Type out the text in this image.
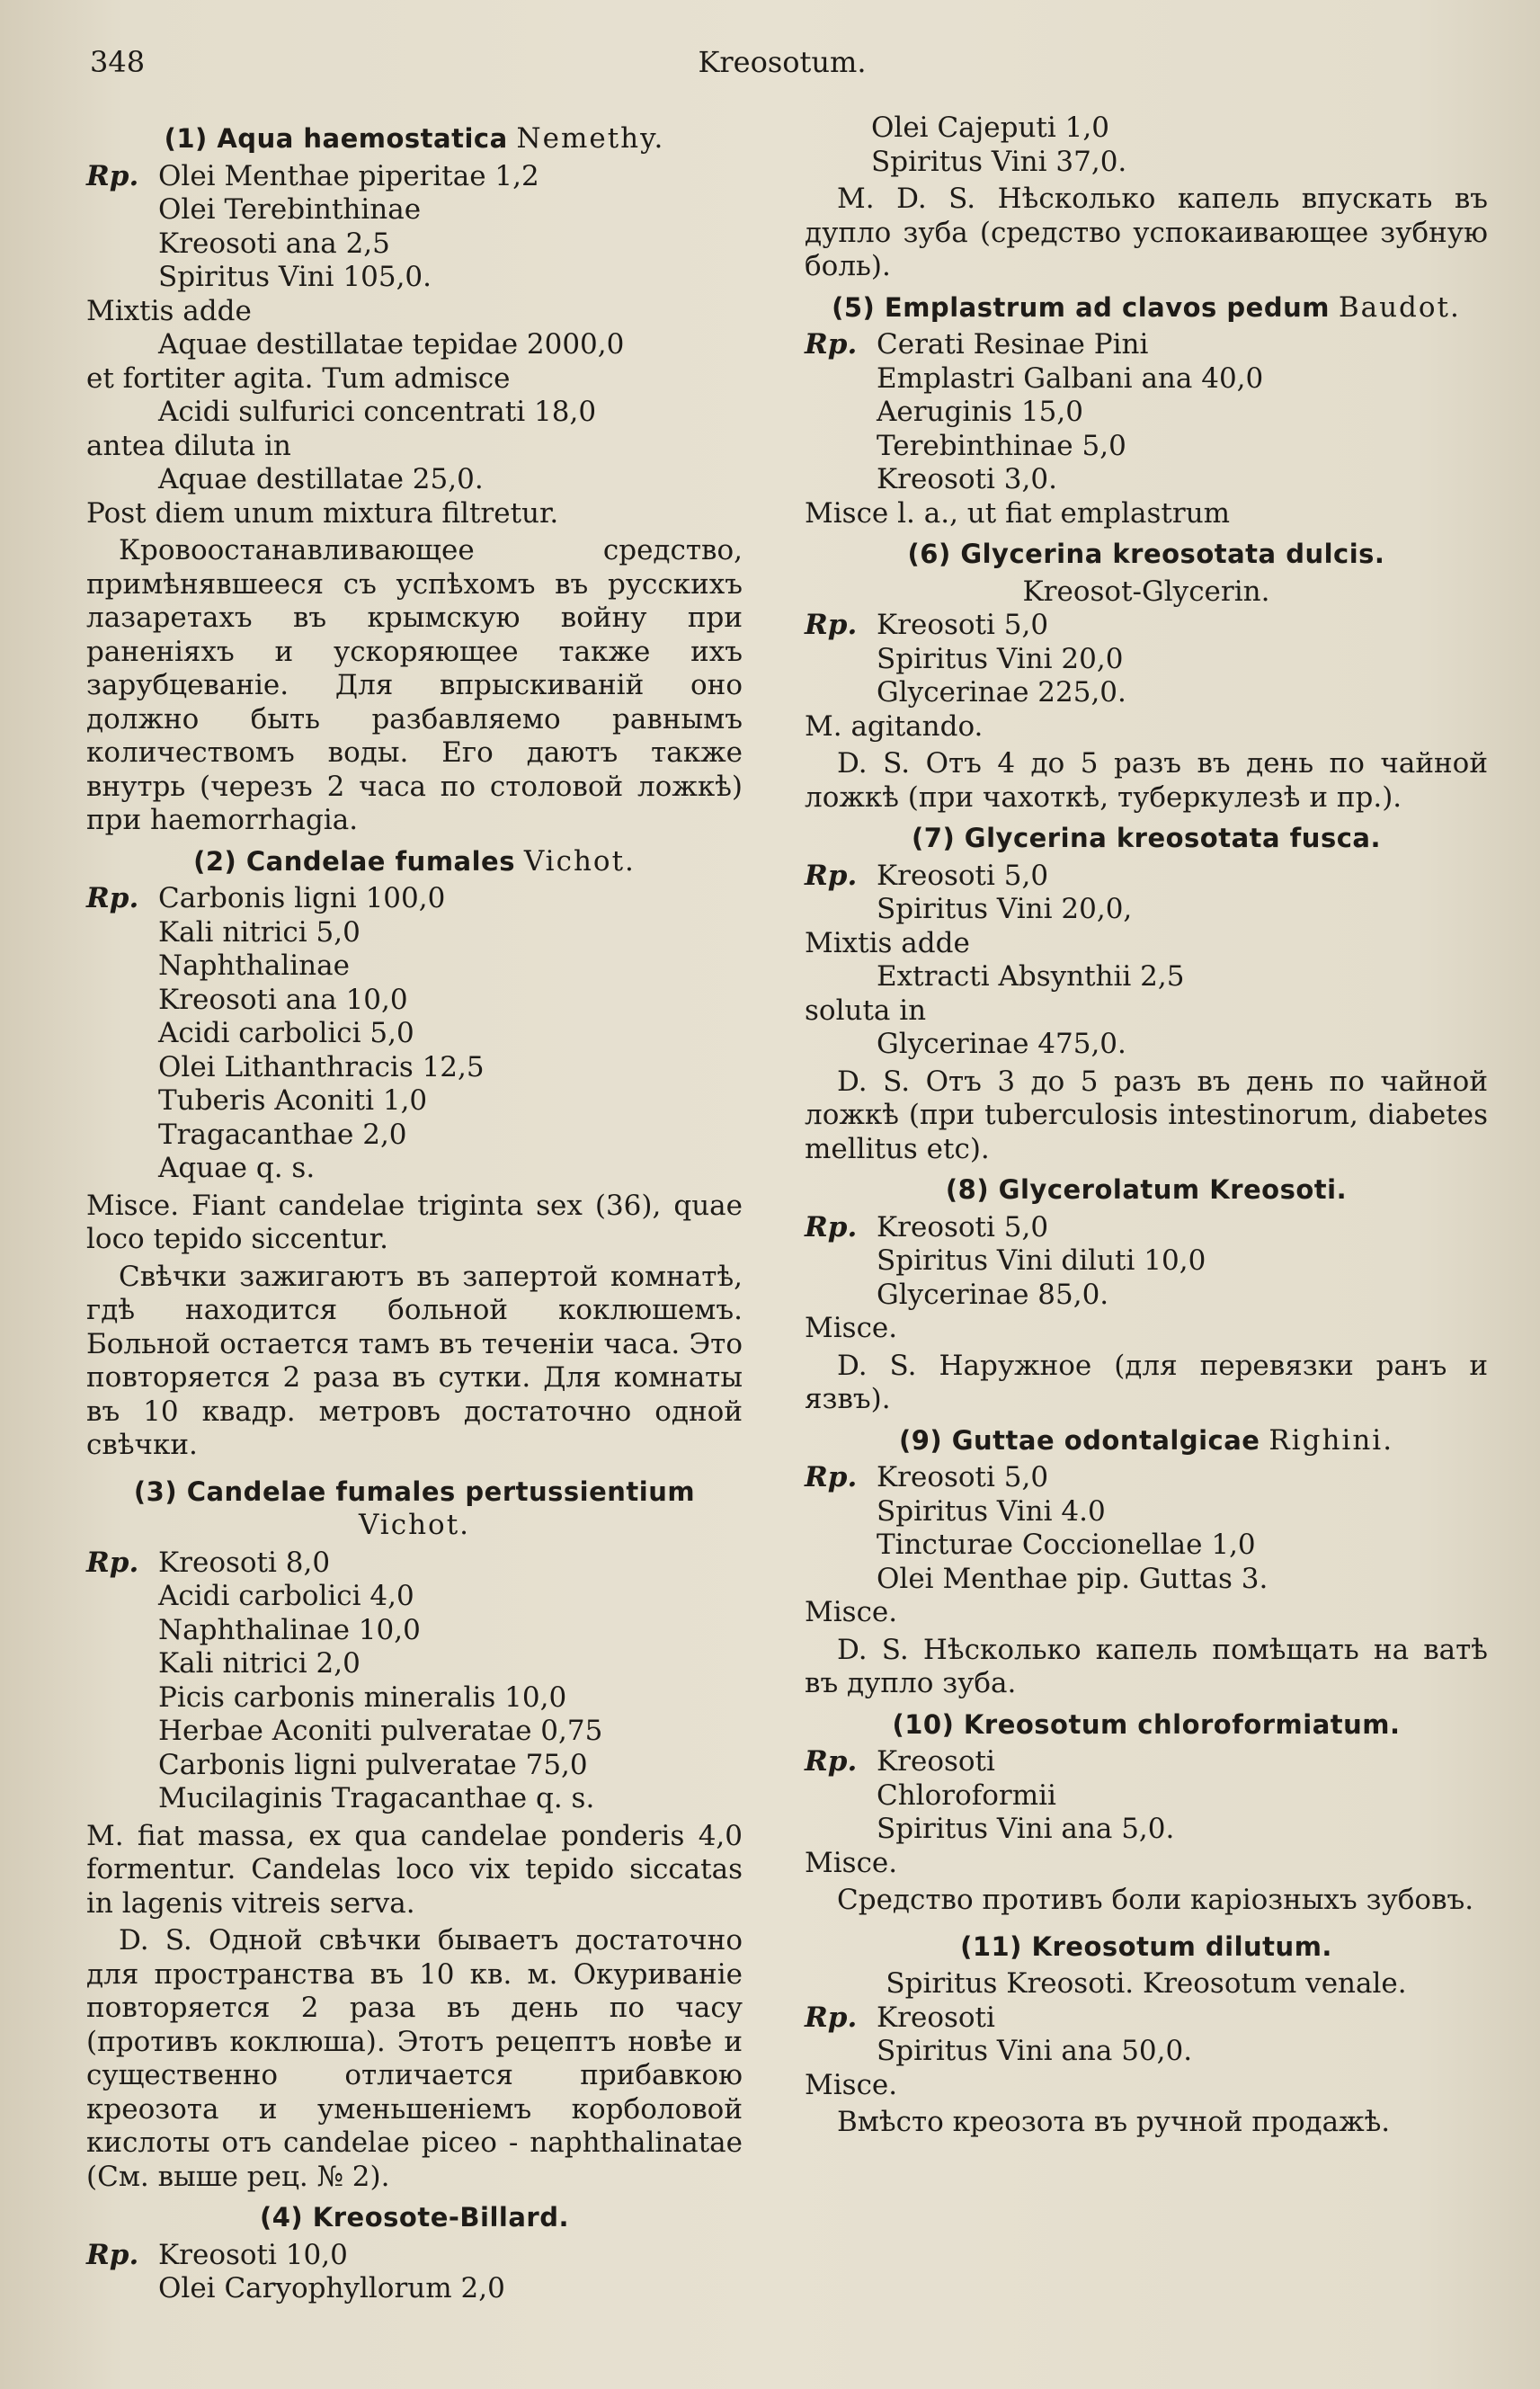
348	Kreosotum.
(1) Aqua haemostatica Nemethy.
Rp. Olei Menthae piperitae 1,2
Olei Terebinthinae
Kreosoti ana 2,5
Spiritus Vini 105,0.
Mixtis adde
Aquae destillatae tepidae 2000,0
et fortiter agita. Tum admisce
Acidi sulfurici concentrati 18,0
antea diluta in
Aquae destillatae 25,0.
Post diem unum mixtura filtretur.
Кровоостанавливающее средство, примѣнявшееся съ успѣхомъ въ русскихъ лазаретахъ въ крымскую войну при раненіяхъ и ускоряющее также ихъ зарубцеваніе. Для впрыскиваній оно должно быть разбавляемо равнымъ количествомъ воды. Его даютъ также внутрь (черезъ 2 часа по столовой ложкѣ) при haemorrhagia.
(2) Candelae fumales Vichot.
Rp. Carbonis ligni 100,0
Kali nitrici 5,0
Naphthalinae
Kreosoti ana 10,0
Acidi carbolici 5,0
Olei Lithanthracis 12,5
Tuberis Aconiti 1,0
Tragacanthae 2,0
Aquae q. s.
Misce. Fiant candelae triginta sex (36), quae loco tepido siccentur.
Свѣчки зажигаютъ въ запертой комнатѣ, гдѣ находится больной коклюшемъ. Больной остается тамъ въ теченіи часа. Это повторяется 2 раза въ сутки. Для комнаты въ 10 квадр. метровъ достаточно одной свѣчки.
(3) Candelae fumales pertussientium
Vichot.
Rp. Kreosoti 8,0
Acidi carbolici 4,0
Naphthalinae 10,0
Kali nitrici 2,0
Picis carbonis mineralis 10,0
Herbae Aconiti pulveratae 0,75
Carbonis ligni pulveratae 75,0
Mucilaginis Tragacanthae q. s.
M. fiat massa, ex qua candelae ponderis 4,0 formentur. Candelas loco vix tepido siccatas in lagenis vitreis serva.
D. S. Одной свѣчки бываетъ достаточно для пространства въ 10 кв. м. Окуриваніе повторяется 2 раза въ день по часу (противъ коклюша). Этотъ рецептъ новѣе и существенно отличается прибавкою креозота и уменьшеніемъ корболовой кислоты отъ candelae piceo - naphthalinatae (См. выше рец. № 2).
(4) Kreosote-Billard.
Rp. Kreosoti 10,0
Olei Caryophyllorum 2,0
Olei Cajeputi 1,0
Spiritus Vini 37,0.
M. D. S. Нѣсколько капель впускать въ дупло зуба (средство успокаивающее зубную боль).
(5) Emplastrum ad clavos pedum Baudot.
Rp. Cerati Resinae Pini
Emplastri Galbani ana 40,0
Aeruginis 15,0
Terebinthinae 5,0
Kreosoti 3,0.
Misce l. a., ut fiat emplastrum
(6) Glycerina kreosotata dulcis.
Kreosot-Glycerin.
Rp. Kreosoti 5,0
Spiritus Vini 20,0
Glycerinae 225,0.
M. agitando.
D. S. Отъ 4 до 5 разъ въ день по чайной ложкѣ (при чахоткѣ, туберкулезѣ и пр.).
(7) Glycerina kreosotata fusca.
Rp. Kreosoti 5,0
Spiritus Vini 20,0,
Mixtis adde
Extracti Absynthii 2,5
soluta in
Glycerinae 475,0.
D. S. Отъ 3 до 5 разъ въ день по чайной ложкѣ (при tuberculosis intestinorum, diabetes mellitus etc).
(8) Glycerolatum Kreosoti.
Rp. Kreosoti 5,0
Spiritus Vini diluti 10,0
Glycerinae 85,0.
Misce.
D. S. Наружное (для перевязки ранъ и язвъ).
(9) Guttae odontalgicae Righini.
Rp. Kreosoti 5,0
Spiritus Vini 4.0
Tincturae Coccionellae 1,0
Olei Menthae pip. Guttas 3.
Misce.
D. S. Нѣсколько капель помѣщать на ватѣ въ дупло зуба.
(10) Kreosotum chloroformiatum.
Rp. Kreosoti
Chloroformii
Spiritus Vini ana 5,0.
Misce.
Средство противъ боли каріозныхъ зубовъ.
(11) Kreosotum dilutum.
Spiritus Kreosoti. Kreosotum venale.
Rp. Kreosoti
Spiritus Vini ana 50,0.
Misce.
Вмѣсто креозота въ ручной продажѣ.
